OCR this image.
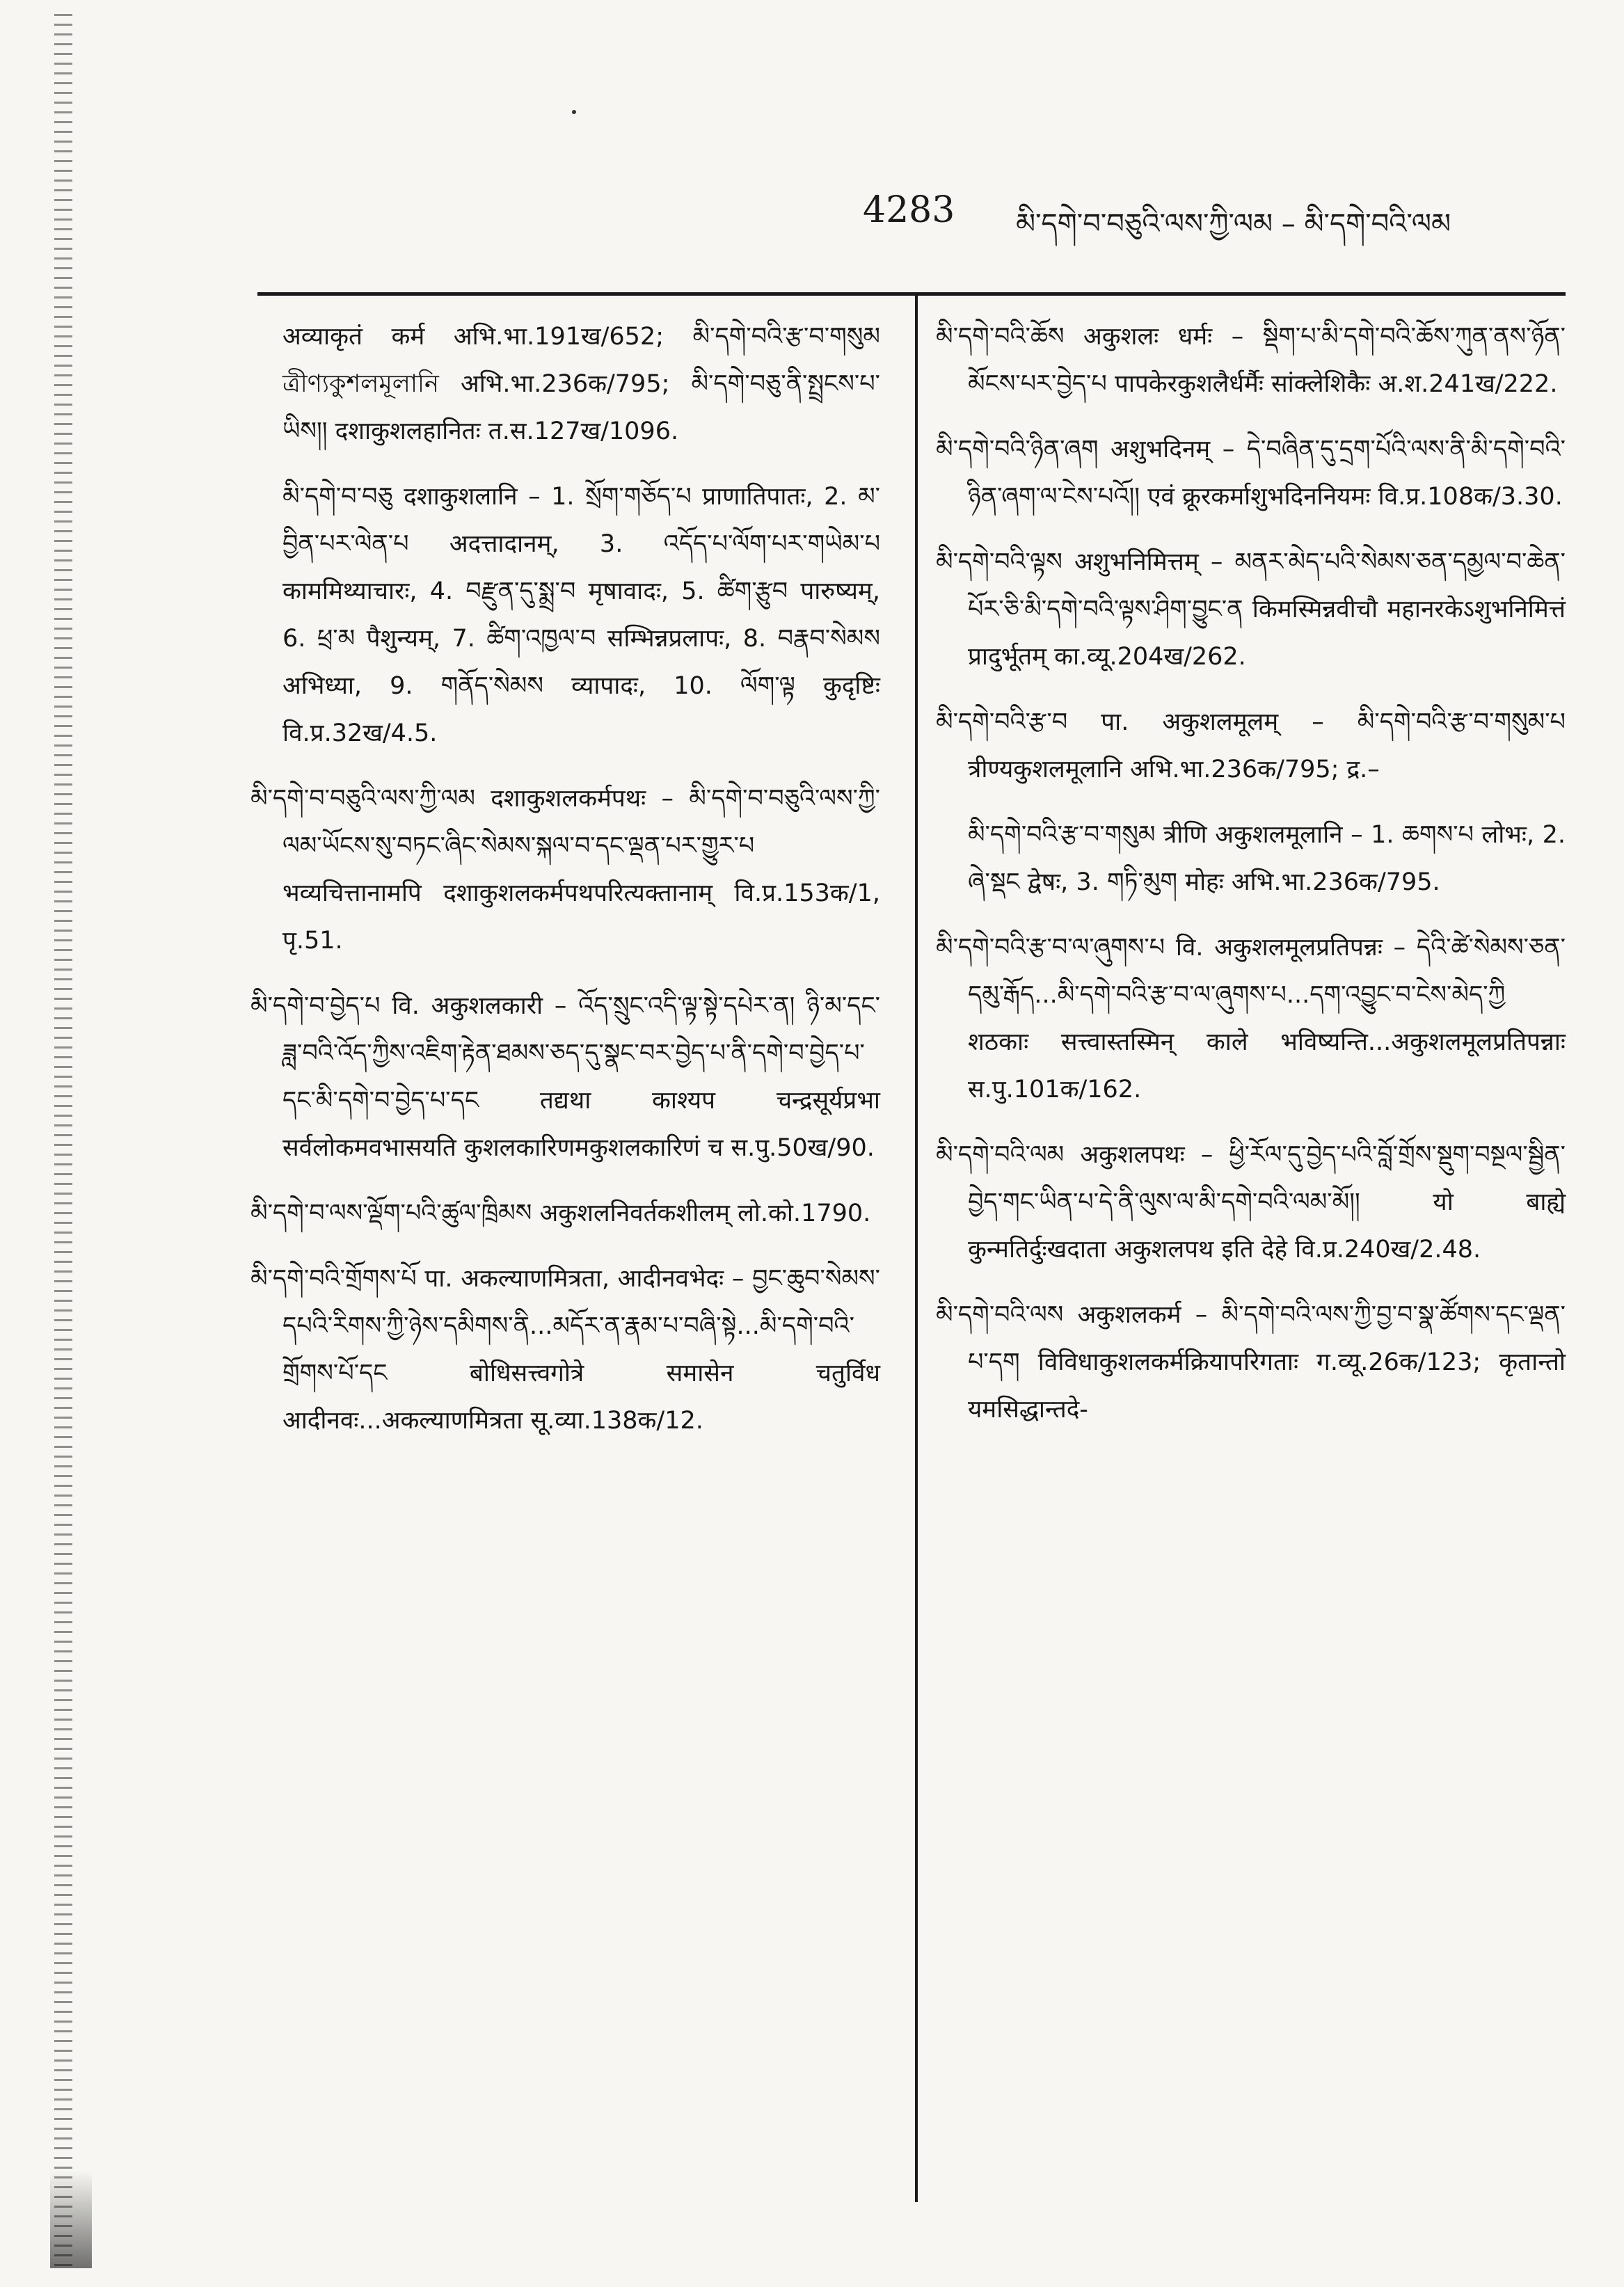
4283 མི་དགེ་བ་བཅུའི་ལས་ཀྱི་ལམ – མི་དགེ་བའི་ལམ

अव्याकृतं कर्म अभि.भा.191ख/652; མི་དགེ་བའི་རྩ་བ་གསུམ ত্রীণ্যকুশলমূলানি अभि.भा.236क/795; མི་དགེ་བཅུ་ནི་སྤྲངས་པ་ཡིས།། दशाकुशलहानितः त.स.127ख/1096.

མི་དགེ་བ་བཅུ दशाकुशलानि – 1. སྲོག་གཅོད་པ प्राणातिपातः, 2. མ་བྱིན་པར་ལེན་པ अदत्तादानम्, 3. འདོད་པ་ལོག་པར་གཡེམ་པ काममिथ्याचारः, 4. བརྫུན་དུ་སྨྲ་བ मृषावादः, 5. ཚིག་རྩུབ पारुष्यम्, 6. ཕྲ་མ पैशुन्यम्, 7. ཚིག་འཁྱལ་བ सम्भिन्नप्रलापः, 8. བརྣབ་སེམས अभिध्या, 9. གནོད་སེམས व्यापादः, 10. ལོག་ལྟ कुदृष्टिः वि.प्र.32ख/4.5.

མི་དགེ་བ་བཅུའི་ལས་ཀྱི་ལམ दशाकुशलकर्मपथः – མི་དགེ་བ་བཅུའི་ལས་ཀྱི་ལམ་ཡོངས་སུ་བཏང་ཞིང་སེམས་སྐལ་བ་དང་ལྡན་པར་གྱུར་པ भव्यचित्तानामपि दशाकुशलकर्मपथपरित्यक्तानाम् वि.प्र.153क/1, पृ.51.

མི་དགེ་བ་བྱེད་པ वि. अकुशलकारी – འོད་སྲུང་འདི་ལྟ་སྟེ་དཔེར་ན། ཉི་མ་དང་ཟླ་བའི་འོད་ཀྱིས་འཇིག་རྟེན་ཐམས་ཅད་དུ་སྣང་བར་བྱེད་པ་ནི་དགེ་བ་བྱེད་པ་དང་མི་དགེ་བ་བྱེད་པ་དང तद्यथा काश्यप चन्द्रसूर्यप्रभा सर्वलोकमवभासयति कुशलकारिणमकुशलकारिणं च स.पु.50ख/90.

མི་དགེ་བ་ལས་ལྡོག་པའི་ཚུལ་ཁྲིམས अकुशलनिवर्तकशीलम् लो.को.1790.

མི་དགེ་བའི་གྲོགས་པོ पा. अकल्याणमित्रता, आदीनवभेदः – བྱང་ཆུབ་སེམས་དཔའི་རིགས་ཀྱི་ཉེས་དམིགས་ནི...མདོར་ན་རྣམ་པ་བཞི་སྟེ...མི་དགེ་བའི་གྲོགས་པོ་དང बोधिसत्त्वगोत्रे समासेन चतुर्विध आदीनवः...अकल्याणमित्रता सू.व्या.138क/12.

མི་དགེ་བའི་ཆོས अकुशलः धर्मः – སྡིག་པ་མི་དགེ་བའི་ཆོས་ཀུན་ནས་ཉོན་མོངས་པར་བྱེད་པ पापकेरकुशलैर्धर्मैः सांक्लेशिकैः अ.श.241ख/222.

མི་དགེ་བའི་ཉིན་ཞག अशुभदिनम् – དེ་བཞིན་དུ་དྲག་པོའི་ལས་ནི་མི་དགེ་བའི་ཉིན་ཞག་ལ་ངེས་པའོ།། एवं क्रूरकर्माशुभदिननियमः वि.प्र.108क/3.30.

མི་དགེ་བའི་ལྟས अशुभनिमित्तम् – མནར་མེད་པའི་སེམས་ཅན་དམྱལ་བ་ཆེན་པོར་ཅི་མི་དགེ་བའི་ལྟས་ཤིག་བྱུང་ན किमस्मिन्नवीचौ महानरकेऽशुभनिमित्तं प्रादुर्भूतम् का.व्यू.204ख/262.

མི་དགེ་བའི་རྩ་བ पा. अकुशलमूलम् – མི་དགེ་བའི་རྩ་བ་གསུམ་པ त्रीण्यकुशलमूलानि अभि.भा.236क/795; द्र.–

མི་དགེ་བའི་རྩ་བ་གསུམ त्रीणि अकुशलमूलानि – 1. ཆགས་པ लोभः, 2. ཞེ་སྡང द्वेषः, 3. གཏི་མུག मोहः अभि.भा.236क/795.

མི་དགེ་བའི་རྩ་བ་ལ་ཞུགས་པ वि. अकुशलमूलप्रतिपन्नः – དེའི་ཚེ་སེམས་ཅན་དམུ་རྒོད...མི་དགེ་བའི་རྩ་བ་ལ་ཞུགས་པ...དག་འབྱུང་བ་ངེས་མེད་ཀྱི शठकाः सत्त्वास्तस्मिन् काले भविष्यन्ति...अकुशलमूलप्रतिपन्नाः स.पु.101क/162.

མི་དགེ་བའི་ལམ अकुशलपथः – ཕྱི་རོལ་དུ་བྱེད་པའི་བློ་གྲོས་སྡུག་བསྔལ་སྦྱིན་བྱེད་གང་ཡིན་པ་དེ་ནི་ལུས་ལ་མི་དགེ་བའི་ལམ་མོ།། यो बाह्ये कुन्मतिर्दुःखदाता अकुशलपथ इति देहे वि.प्र.240ख/2.48.

མི་དགེ་བའི་ལས अकुशलकर्म – མི་དགེ་བའི་ལས་ཀྱི་བྱ་བ་སྣ་ཚོགས་དང་ལྡན་པ་དག विविधाकुशलकर्मक्रियापरिगताः ग.व्यू.26क/123; कृतान्तो यमसिद्धान्तदे-
